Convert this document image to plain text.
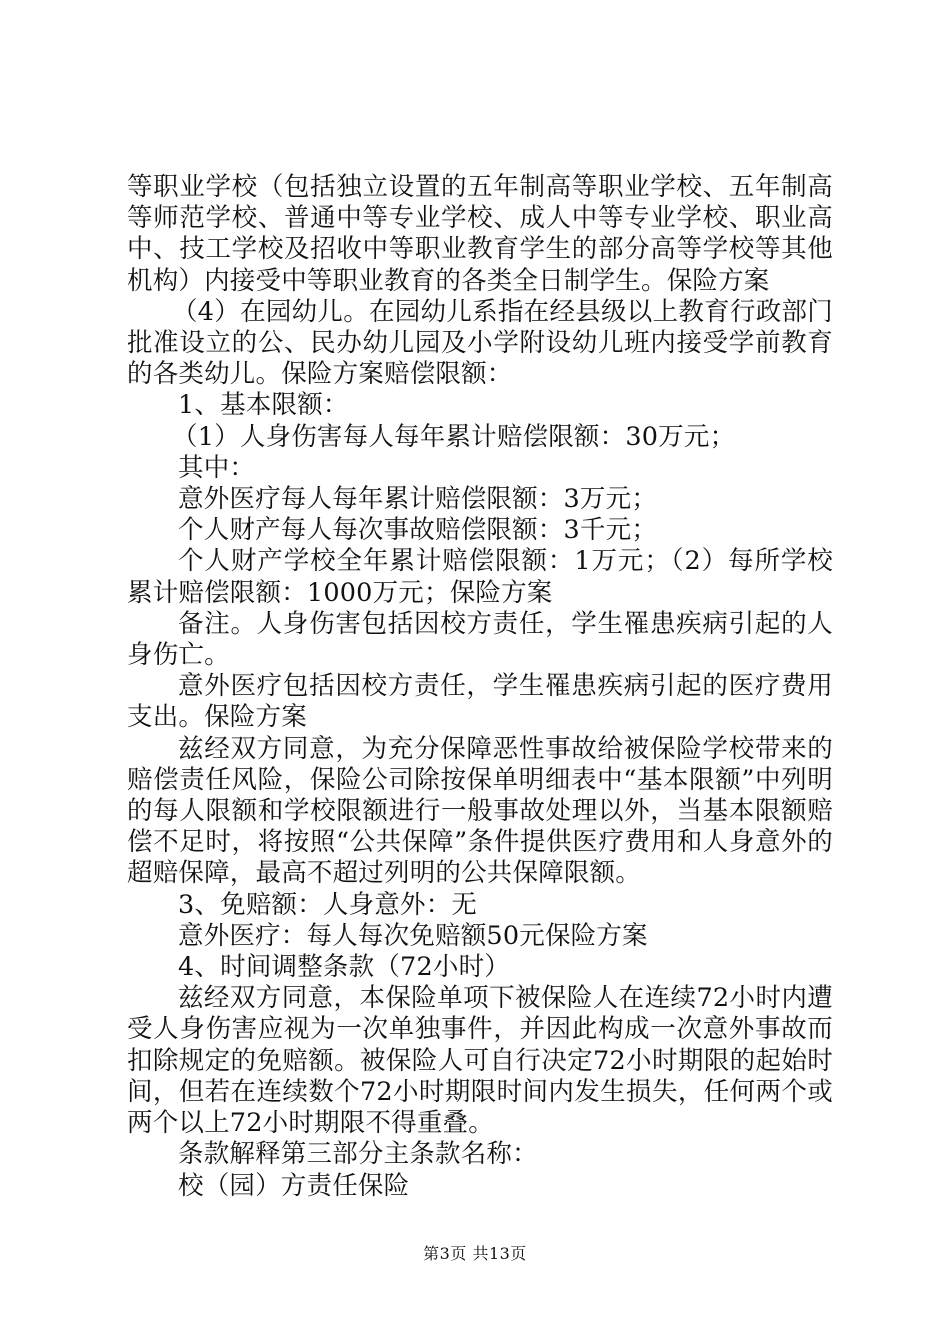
等职业学校（包括独立设置的五年制高等职业学校、五年制高等师范学校、普通中等专业学校、成人中等专业学校、职业高中、技工学校及招收中等职业教育学生的部分高等学校等其他机构）内接受中等职业教育的各类全日制学生。保险方案

（4）在园幼儿。在园幼儿系指在经县级以上教育行政部门批准设立的公、民办幼儿园及小学附设幼儿班内接受学前教育的各类幼儿。保险方案赔偿限额：

1、基本限额：

（1）人身伤害每人每年累计赔偿限额：30万元；

其中：

意外医疗每人每年累计赔偿限额：3万元；

个人财产每人每次事故赔偿限额：3千元；

个人财产学校全年累计赔偿限额：1万元；（2）每所学校累计赔偿限额：1000万元；保险方案

备注。人身伤害包括因校方责任，学生罹患疾病引起的人身伤亡。

意外医疗包括因校方责任，学生罹患疾病引起的医疗费用支出。保险方案

兹经双方同意，为充分保障恶性事故给被保险学校带来的赔偿责任风险，保险公司除按保单明细表中“基本限额”中列明的每人限额和学校限额进行一般事故处理以外，当基本限额赔偿不足时，将按照“公共保障”条件提供医疗费用和人身意外的超赔保障，最高不超过列明的公共保障限额。

3、免赔额：人身意外：无

意外医疗：每人每次免赔额50元保险方案

4、时间调整条款（72小时）

兹经双方同意，本保险单项下被保险人在连续72小时内遭受人身伤害应视为一次单独事件，并因此构成一次意外事故而扣除规定的免赔额。被保险人可自行决定72小时期限的起始时间，但若在连续数个72小时期限时间内发生损失，任何两个或两个以上72小时期限不得重叠。

条款解释第三部分主条款名称：

校（园）方责任保险

第3页 共13页
